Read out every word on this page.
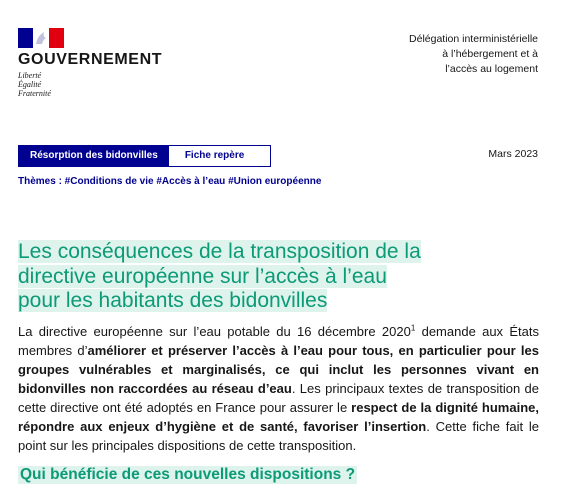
GOUVERNEMENT
Liberté
Égalité
Fraternité
Délégation interministérielle
à l’hébergement et à
l’accès au logement
Résorption des bidonvilles	Fiche repère	Mars 2023
Thèmes : #Conditions de vie #Accès à l’eau #Union européenne
Les conséquences de la transposition de la
directive européenne sur l’accès à l’eau
pour les habitants des bidonvilles

La directive européenne sur l’eau potable du 16 décembre 2020$^1$ demande aux États membres d’améliorer et préserver l’accès à l’eau pour tous, en particulier pour les groupes vulnérables et marginalisés, ce qui inclut les personnes vivant en bidonvilles non raccordées au réseau d’eau. Les principaux textes de transposition de cette directive ont été adoptés en France pour assurer le respect de la dignité humaine, répondre aux enjeux d’hygiène et de santé, favoriser l’insertion. Cette fiche fait le point sur les principales dispositions de cette transposition.

Qui bénéficie de ces nouvelles dispositions ?
